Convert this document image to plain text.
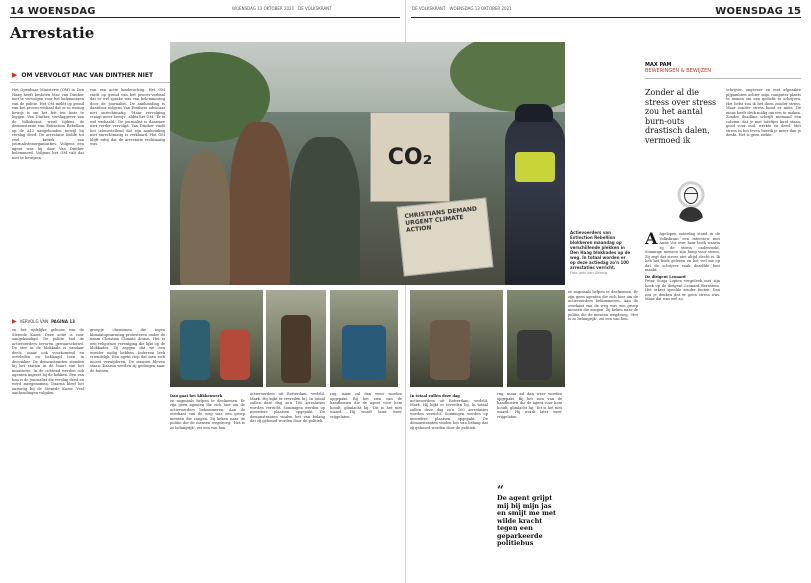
14 WOENSDAG	WOENSDAG 13 OKTOBER 2021 DE VOLKSKRANT	DE VOLKSKRANT WOENSDAG 13 OKTOBER 2021	WOENSDAG 15
Arrestatie
▶ OM VERVOLGT MAC VAN DINTHER NIET
Het Openbaar Ministerie (OM) in Den Haag heeft besloten Mac van Dinther niet te vervolgen voor het belemmeren van de politie. Het OM meldt op grond van het proces-verbaal dat er te weinig bewijs is om het feit ten laste te leggen. Van Dinther, verslaggever van de Volkskrant, werd tijdens de demonstratie van Extinction Rebellion op de A12 aangehouden terwijl hij verslag deed. De arrestatie leidde tot veel kritiek van journalistenorganisaties. Volgens een agent was hij door Van Dinther belemmerd. Volgens het OM valt dat niet te bewijzen.
van een actie kinderachtig. Het OM vindt op grond van het proces-verbaal dat er wel sprake was van belemmering door de journalist. De aanhouding is daardoor volgens Van Dinthers advocaat niet onrechtmatig. 'Maar vervolging vraagt meer bewijs', aldus het OM. 'Er is wel verhaald.' De journalist is daarmee niet verder vervolgd. Van Dinther vindt het teleurstellend dat zijn aanhouding niet onrechtmatig is verklaard. Het OM blijft erbij dat de arrestatie rechtmatig was.
CO₂
CHRISTIANS DEMAND URGENT CLIMATE ACTION	Actievoerders van Extinction Rebellion blokkeren maandag op verschillende plekken in Den Haag blokkades op de weg. In totaal worden er op deze actiedag zo'n 100 arrestaties verricht.
Foto Joris van Gennip
▶ VERVOLG VAN PAGINA 13
en het rijdelijke gebouw van de Stenede Kazer. Deze actie is voor aangekondigd. De politie had de actievoerders tevoren gewaarschuwd. De ster in de blokkade is vandaar deels, maar ook voorkomend en overleden en beklaagd toen in december. De demonstranten stonden bij het station in de buurt van het ministerie. In de ochtend werden ook agenten ingezet bij de hekken. Een van hen is de journalist die verslag deed en werd meegenomen. Daarna bleef het onrustig bij de Stenede Kazer. Veel aanhoudingen volgden.
groepje christenen die tegen klimaatopwarming protesteren onder de naam Christian Climate Action. Het is een religieuze vereniging die lijkt op de blokkades. Zij zeggen dat we een wonder nodig hebben. Iedereen leek vriendelijk. Een agent riep dat men zich moest verwijderen. De mensen bleven staan. Daarna werden zij gedragen naar de bussen.
Dan gaat het klikkenwerk
ze nogmaals helpen te deelnemen. Er zijn geen agenten die zich hier om de actievoerders bekommeren. Aan de overkant van de weg was een groep mensen die zongen. Zij keken naar de politie die de mensen wegdroeg. 'Het is zo belangrijk', zei een van hen.
actievoerders uit Rotterdam, verleld. Mark. Hij kijkt er tevreden bij. In totaal zullen deze dag zo'n 100 arrestaties worden verricht. Sommigen werden op meerdere plaatsen opgepakt. De demonstranten vinden het van belang dat zij gehoord worden door de politiek.
rug, maar zal dan weer worden opgepakt. Bij het zien van de handboeien die de agent voor hem houdt, glimlacht hij. 'Dit is het niet waard.' Hij wordt later weer vrijgelaten.
In totaal zullen deze dag
actievoerders uit Rotterdam, verleld. Mark. Hij kijkt er tevreden bij. In totaal zullen deze dag zo'n 100 arrestaties worden verricht. Sommigen werden op meerdere plaatsen opgepakt. De demonstranten vinden het van belang dat zij gehoord worden door de politiek.
rug, maar zal dan weer worden opgepakt. Bij het zien van de handboeien die de agent voor hem houdt, glimlacht hij. 'Dit is het niet waard.' Hij wordt later weer vrijgelaten.
“
De agent grijpt mij bij mijn jas en smijt me met wilde kracht tegen een geparkeerde politiebus
ze nogmaals helpen te deelnemen. Er zijn geen agenten die zich hier om de actievoerders bekommeren. Aan de overkant van de weg was een groep mensen die zongen. Zij keken naar de politie die de mensen wegdroeg. 'Het is zo belangrijk', zei een van hen.
MAX PAM
BEWERINGEN & BEWIJZEN
Zonder al die stress over stress zou het aantal burn-outs drastisch dalen, vermoed ik
A Agelopen zaterdag stond in de Volkskrant een interview met Anne Vos over haar boek waarin zij de stress onderzoekt. Sommige mensen zijn bang voor stress. Zij zegt dat stress niet altijd slecht is. Ik heb het boek gelezen en het viel me op dat de schrijver vaak dezelfde fout maakt.
De dirigent Leonard
Peter Sonja Lopien vergeleek met zijn boek op de dirigent Leonard Bernstein. Het orkest speelde zonder fouten. Dan zou je denken dat er geen stress was. Maar dat was wel zo.
schrijver, ongeveer en met afgezakte pijpambten achter mijn computer plaats te nemen om een gedicht te schrijven. Het liefst zou ik het doen zonder stress. Maar zonder stress komt er niets. De mens heeft druk nodig om iets te maken. Zonder deadline schrijft niemand een column. dat je met tafeltjes kunt staan, goed voor oud, werkte en deed. Met stress in het leven bereik je meer dan je denkt. Het is geen ziekte.
